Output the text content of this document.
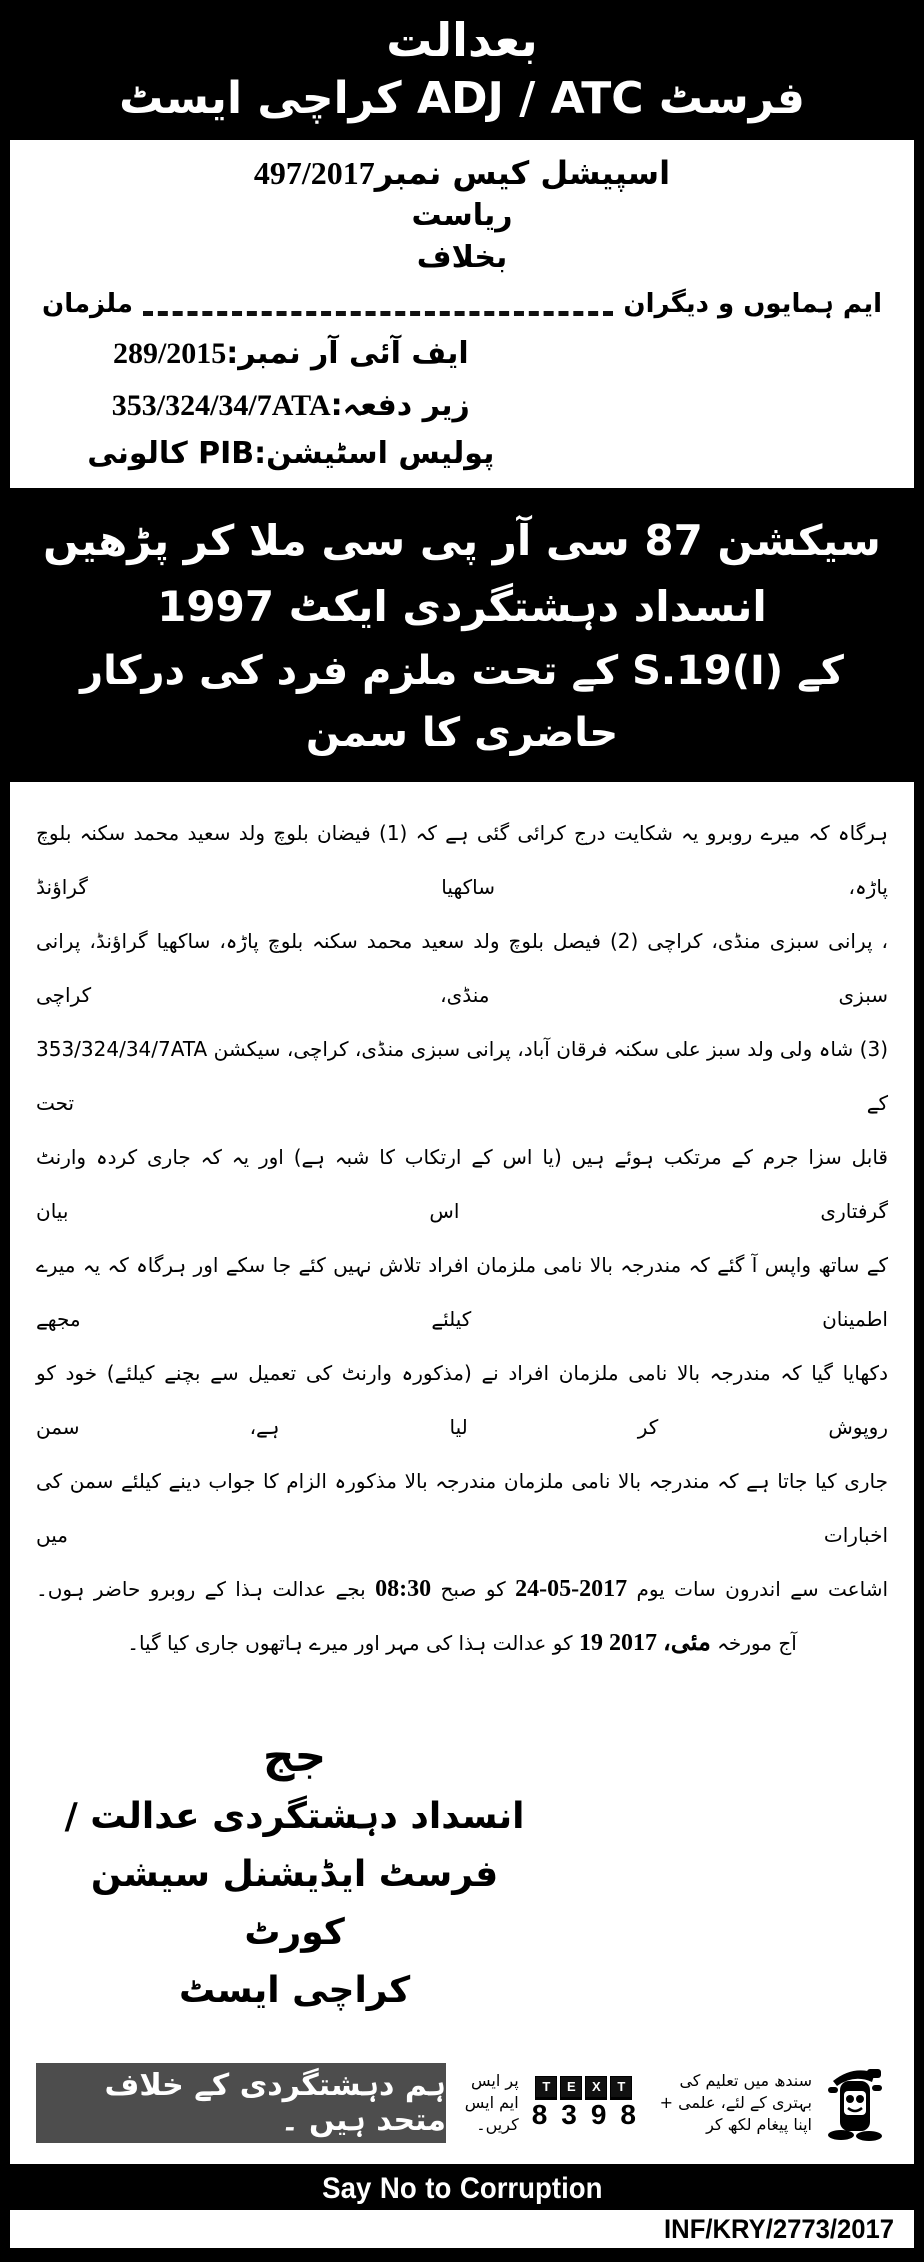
بعدالت
فرسٹ ADJ / ATC کراچی ایسٹ
اسپیشل کیس نمبر497/2017
ریاست
بخلاف
ایم ہمایوں و دیگران
ملزمان
ایف آئی آر نمبر:289/2015
زیر دفعہ:353/324/34/7ATA
پولیس اسٹیشن:PIB کالونی
سیکشن 87 سی آر پی سی ملا کر پڑھیں انسداد دہشتگردی ایکٹ 1997
کے S.19(I)‎ کے تحت ملزم فرد کی درکار حاضری کا سمن
ہرگاہ کہ میرے روبرو یہ شکایت درج کرائی گئی ہے کہ (1) فیضان بلوچ ولد سعید محمد سکنہ بلوچ پاڑہ، ساکھیا گراؤنڈ
، پرانی سبزی منڈی، کراچی (2) فیصل بلوچ ولد سعید محمد سکنہ بلوچ پاڑہ، ساکھیا گراؤنڈ، پرانی سبزی منڈی، کراچی
(3) شاہ ولی ولد سبز علی سکنہ فرقان آباد، پرانی سبزی منڈی، کراچی، سیکشن 353/324/34/7ATA‎ کے تحت
قابل سزا جرم کے مرتکب ہوئے ہیں (یا اس کے ارتکاب کا شبہ ہے) اور یہ کہ جاری کردہ وارنٹ گرفتاری اس بیان
کے ساتھ واپس آ گئے کہ مندرجہ بالا نامی ملزمان افراد تلاش نہیں کئے جا سکے اور ہرگاہ کہ یہ میرے اطمینان کیلئے مجھے
دکھایا گیا کہ مندرجہ بالا نامی ملزمان افراد نے (مذکورہ وارنٹ کی تعمیل سے بچنے کیلئے) خود کو روپوش کر لیا ہے، سمن
جاری کیا جاتا ہے کہ مندرجہ بالا نامی ملزمان مندرجہ بالا مذکورہ الزام کا جواب دینے کیلئے سمن کی اخبارات میں
اشاعت سے اندرون سات یوم 24-05-2017 کو صبح 08:30 بجے عدالت ہذا کے روبرو حاضر ہوں۔
آج مورخہ 19 مئی، 2017 کو عدالت ہذا کی مہر اور میرے ہاتھوں جاری کیا گیا۔
جج
انسداد دہشتگردی عدالت /
فرسٹ ایڈیشنل سیشن کورٹ
کراچی ایسٹ
ہم دہشتگردی کے خلاف متحد ہیں ۔
سندھ میں تعلیم کی بہتری کے لئے، علمی + اپنا پیغام لکھ کر
T	E	X	T
8 3 9 8
پر ایس ایم ایس کریں۔
Say No to Corruption
INF/KRY/2773/2017
